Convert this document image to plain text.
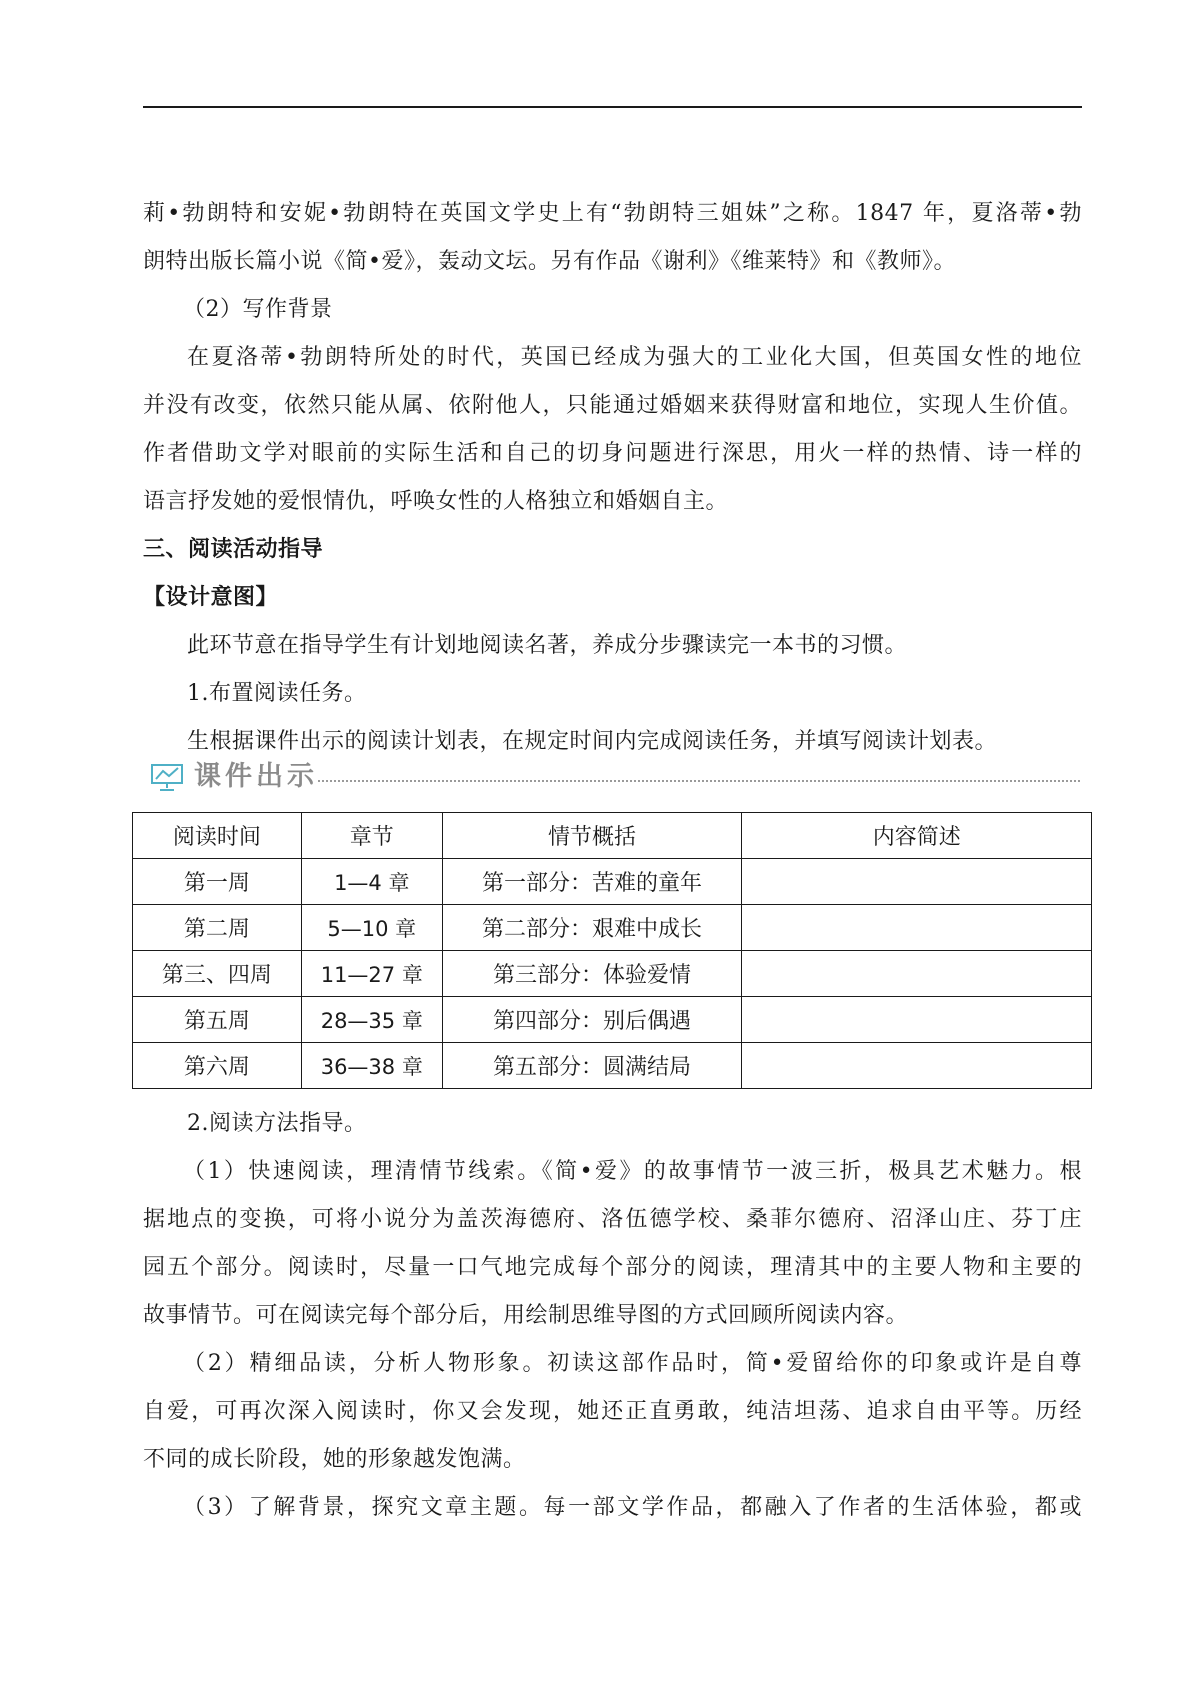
莉•勃朗特和安妮•勃朗特在英国文学史上有“勃朗特三姐妹”之称。1847 年，夏洛蒂•勃
朗特出版长篇小说《简•爱》，轰动文坛。另有作品《谢利》《维莱特》和《教师》。
（2）写作背景
在夏洛蒂•勃朗特所处的时代，英国已经成为强大的工业化大国，但英国女性的地位
并没有改变，依然只能从属、依附他人，只能通过婚姻来获得财富和地位，实现人生价值。
作者借助文学对眼前的实际生活和自己的切身问题进行深思，用火一样的热情、诗一样的
语言抒发她的爱恨情仇，呼唤女性的人格独立和婚姻自主。
三、阅读活动指导
【设计意图】
此环节意在指导学生有计划地阅读名著，养成分步骤读完一本书的习惯。
1.布置阅读任务。
生根据课件出示的阅读计划表，在规定时间内完成阅读任务，并填写阅读计划表。
课件出示
阅读时间	章节	情节概括	内容简述
第一周	1—4 章	第一部分：苦难的童年	
第二周	5—10 章	第二部分：艰难中成长	
第三、四周	11—27 章	第三部分：体验爱情	
第五周	28—35 章	第四部分：别后偶遇	
第六周	36—38 章	第五部分：圆满结局	
2.阅读方法指导。
（1）快速阅读，理清情节线索。《简•爱》的故事情节一波三折，极具艺术魅力。根
据地点的变换，可将小说分为盖茨海德府、洛伍德学校、桑菲尔德府、沼泽山庄、芬丁庄
园五个部分。阅读时，尽量一口气地完成每个部分的阅读，理清其中的主要人物和主要的
故事情节。可在阅读完每个部分后，用绘制思维导图的方式回顾所阅读内容。
（2）精细品读，分析人物形象。初读这部作品时，简•爱留给你的印象或许是自尊
自爱，可再次深入阅读时，你又会发现，她还正直勇敢，纯洁坦荡、追求自由平等。历经
不同的成长阶段，她的形象越发饱满。
（3）了解背景，探究文章主题。每一部文学作品，都融入了作者的生活体验，都或
